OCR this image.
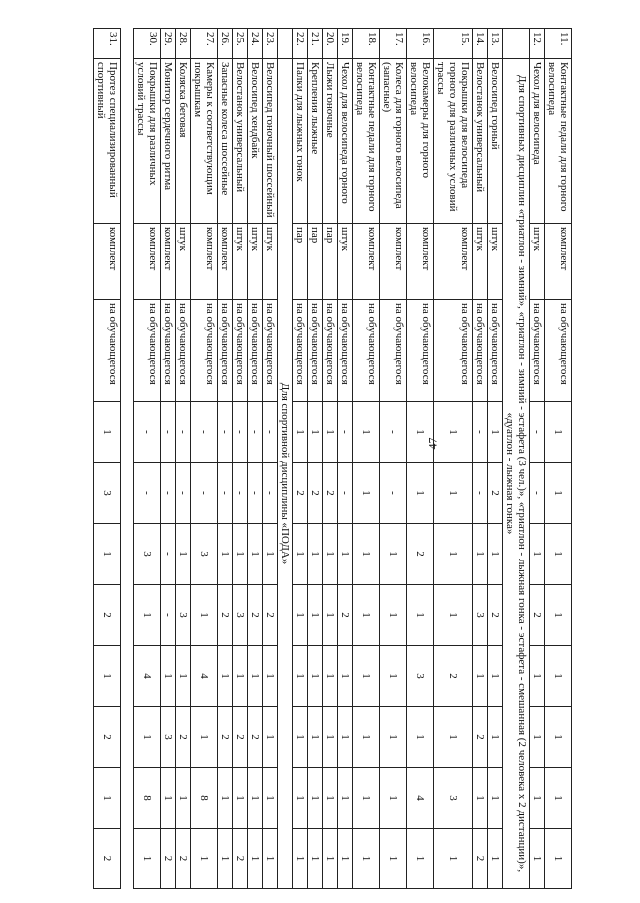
47
11.	Контактные педали для горного велосипеда	комплект	на обучающегося	1	1	1	1	1	1	1	1
12.	Чехол для велосипеда	штук	на обучающегося	-	-	1	2	1	1	1	1
	Для спортивных дисциплин «триатлон - зимний», «триатлон - зимний - эстафета (3 чел.)», «триатлон - лыжная гонка - эстафета - смешанная (2 человека х 2 дистанции)», «дуатлон - лыжная гонка»										
13.	Велосипед горный	штук	на обучающегося	1	2	1	2	1	1	1	1
14.	Велостанок универсальный	штук	на обучающегося	-	-	1	3	1	2	1	2
15.	Покрышки для велосипеда горного для различных условий трассы	комплект	на обучающегося	1	1	1	1	2	1	3	1
16.	Велокамеры для горного велосипеда	комплект	на обучающегося	1	1	2	1	3	1	4	1
17.	Колеса для горного велосипеда (запасные)	комплект	на обучающегося	-	-	1	1	1	1	1	1
18.	Контактные педали для горного велосипеда	комплект	на обучающегося	1	1	1	1	1	1	1	1
19.	Чехол для велосипеда горного	штук	на обучающегося	-	-	1	2	1	1	1	1
20.	Лыжи гоночные	пар	на обучающегося	1	2	1	1	1	1	1	1
21.	Крепления лыжные	пар	на обучающегося	1	2	1	1	1	1	1	1
22.	Палки для лыжных гонок	пар	на обучающегося	1	2	1	1	1	1	1	1
	Для спортивной дисциплины «ПОДА»										
23.	Велосипед гоночный шоссейный	штук	на обучающегося	-	-	1	2	1	1	1	1
24.	Велосипед хендбайк	штук	на обучающегося	-	-	1	2	1	2	1	1
25.	Велостанок универсальный	штук	на обучающегося	-	-	1	3	1	2	1	2
26.	Запасные колеса шоссейные	комплект	на обучающегося	-	-	1	2	1	2	1	1
27.	Камеры к соответствующим покрышкам	комплект	на обучающегося	-	-	3	1	4	1	8	1
28.	Коляска беговая	штук	на обучающегося	-	-	1	3	1	2	1	2
29.	Монитор сердечного ритма	комплект	на обучающегося	-	-	-	-	1	3	1	2
30.	Покрышки для различных условий трассы	комплект	на обучающегося	-	-	3	1	4	1	8	1
31.	Протез специализированный спортивный	комплект	на обучающегося	1	3	1	2	1	2	1	2
